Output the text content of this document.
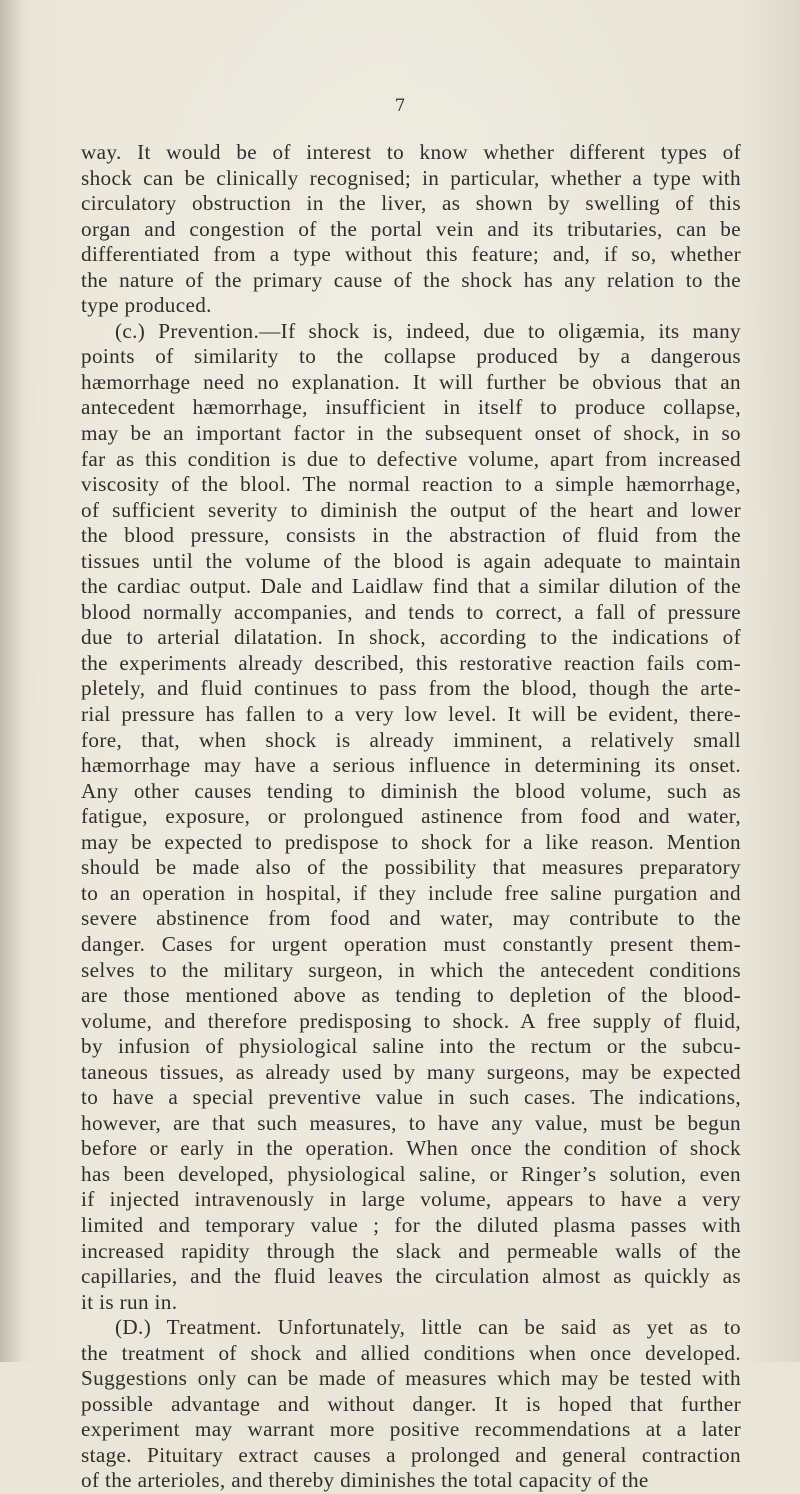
7
way. It would be of interest to know whether different types of
shock can be clinically recognised; in particular, whether a type with
circulatory obstruction in the liver, as shown by swelling of this
organ and congestion of the portal vein and its tributaries, can be
differentiated from a type without this feature; and, if so, whether
the nature of the primary cause of the shock has any relation to the
type produced.
(c.) Prevention.—If shock is, indeed, due to oligæmia, its many
points of similarity to the collapse produced by a dangerous
hæmorrhage need no explanation. It will further be obvious that an
antecedent hæmorrhage, insufficient in itself to produce collapse,
may be an important factor in the subsequent onset of shock, in so
far as this condition is due to defective volume, apart from increased
viscosity of the blool. The normal reaction to a simple hæmorrhage,
of sufficient severity to diminish the output of the heart and lower
the blood pressure, consists in the abstraction of fluid from the
tissues until the volume of the blood is again adequate to maintain
the cardiac output. Dale and Laidlaw find that a similar dilution of the
blood normally accompanies, and tends to correct, a fall of pressure
due to arterial dilatation. In shock, according to the indications of
the experiments already described, this restorative reaction fails com-
pletely, and fluid continues to pass from the blood, though the arte-
rial pressure has fallen to a very low level. It will be evident, there-
fore, that, when shock is already imminent, a relatively small
hæmorrhage may have a serious influence in determining its onset.
Any other causes tending to diminish the blood volume, such as
fatigue, exposure, or prolongued astinence from food and water,
may be expected to predispose to shock for a like reason. Mention
should be made also of the possibility that measures preparatory
to an operation in hospital, if they include free saline purgation and
severe abstinence from food and water, may contribute to the
danger. Cases for urgent operation must constantly present them-
selves to the military surgeon, in which the antecedent conditions
are those mentioned above as tending to depletion of the blood-
volume, and therefore predisposing to shock. A free supply of fluid,
by infusion of physiological saline into the rectum or the subcu-
taneous tissues, as already used by many surgeons, may be expected
to have a special preventive value in such cases. The indications,
however, are that such measures, to have any value, must be begun
before or early in the operation. When once the condition of shock
has been developed, physiological saline, or Ringer’s solution, even
if injected intravenously in large volume, appears to have a very
limited and temporary value ; for the diluted plasma passes with
increased rapidity through the slack and permeable walls of the
capillaries, and the fluid leaves the circulation almost as quickly as
it is run in.
(D.) Treatment. Unfortunately, little can be said as yet as to
the treatment of shock and allied conditions when once developed.
Suggestions only can be made of measures which may be tested with
possible advantage and without danger. It is hoped that further
experiment may warrant more positive recommendations at a later
stage. Pituitary extract causes a prolonged and general contraction
of the arterioles, and thereby diminishes the total capacity of the
